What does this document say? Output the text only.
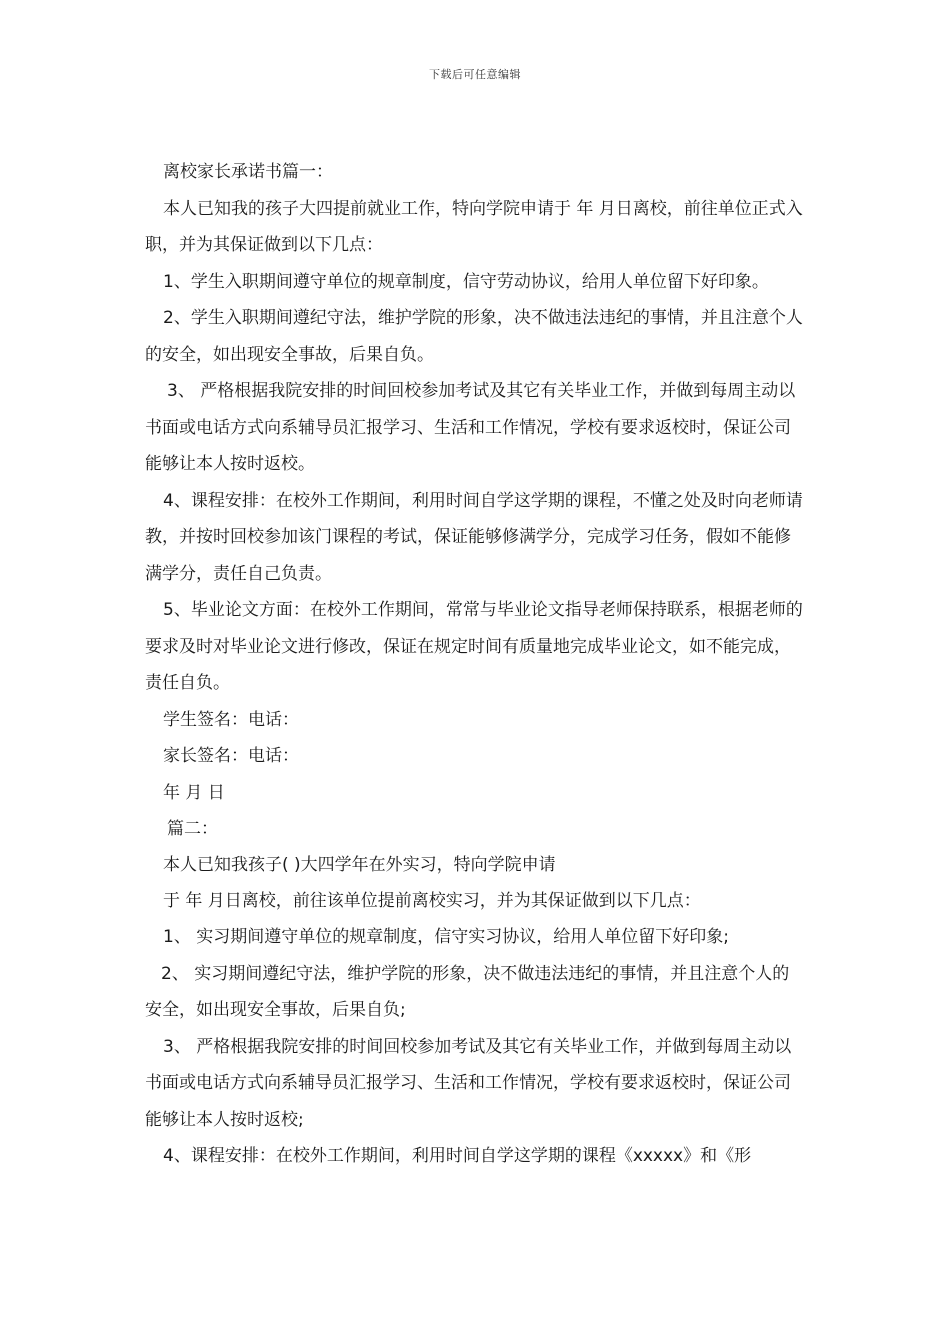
下载后可任意编辑

离校家长承诺书篇一：

本人已知我的孩子大四提前就业工作，特向学院申请于 年 月日离校，前往单位正式入职，并为其保证做到以下几点：

1、学生入职期间遵守单位的规章制度，信守劳动协议，给用人单位留下好印象。

2、学生入职期间遵纪守法，维护学院的形象，决不做违法违纪的事情，并且注意个人的安全，如出现安全事故，后果自负。

3、 严格根据我院安排的时间回校参加考试及其它有关毕业工作，并做到每周主动以书面或电话方式向系辅导员汇报学习、生活和工作情况，学校有要求返校时，保证公司能够让本人按时返校。

4、课程安排：在校外工作期间，利用时间自学这学期的课程，不懂之处及时向老师请教，并按时回校参加该门课程的考试，保证能够修满学分，完成学习任务，假如不能修满学分，责任自己负责。

5、毕业论文方面：在校外工作期间，常常与毕业论文指导老师保持联系，根据老师的要求及时对毕业论文进行修改，保证在规定时间有质量地完成毕业论文，如不能完成，责任自负。

学生签名：电话：

家长签名：电话：

年 月 日

篇二：

本人已知我孩子( )大四学年在外实习，特向学院申请

于 年 月日离校，前往该单位提前离校实习，并为其保证做到以下几点：

1、 实习期间遵守单位的规章制度，信守实习协议，给用人单位留下好印象;

2、 实习期间遵纪守法，维护学院的形象，决不做违法违纪的事情，并且注意个人的安全，如出现安全事故，后果自负;

3、 严格根据我院安排的时间回校参加考试及其它有关毕业工作，并做到每周主动以书面或电话方式向系辅导员汇报学习、生活和工作情况，学校有要求返校时，保证公司能够让本人按时返校;

4、课程安排：在校外工作期间，利用时间自学这学期的课程《xxxxx》和《形
